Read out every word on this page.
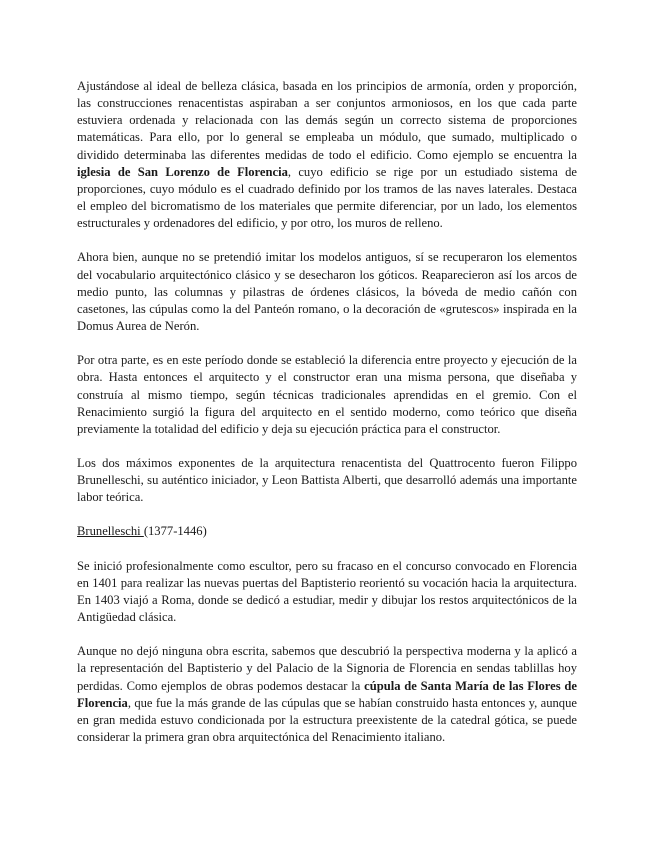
Ajustándose al ideal de belleza clásica, basada en los principios de armonía, orden y proporción, las construcciones renacentistas aspiraban a ser conjuntos armoniosos, en los que cada parte estuviera ordenada y relacionada con las demás según un correcto sistema de proporciones matemáticas. Para ello, por lo general se empleaba un módulo, que sumado, multiplicado o dividido determinaba las diferentes medidas de todo el edificio. Como ejemplo se encuentra la iglesia de San Lorenzo de Florencia, cuyo edificio se rige por un estudiado sistema de proporciones, cuyo módulo es el cuadrado definido por los tramos de las naves laterales. Destaca el empleo del bicromatismo de los materiales que permite diferenciar, por un lado, los elementos estructurales y ordenadores del edificio, y por otro, los muros de relleno.

Ahora bien, aunque no se pretendió imitar los modelos antiguos, sí se recuperaron los elementos del vocabulario arquitectónico clásico y se desecharon los góticos. Reaparecieron así los arcos de medio punto, las columnas y pilastras de órdenes clásicos, la bóveda de medio cañón con casetones, las cúpulas como la del Panteón romano, o la decoración de «grutescos» inspirada en la Domus Aurea de Nerón.

Por otra parte, es en este período donde se estableció la diferencia entre proyecto y ejecución de la obra. Hasta entonces el arquitecto y el constructor eran una misma persona, que diseñaba y construía al mismo tiempo, según técnicas tradicionales aprendidas en el gremio. Con el Renacimiento surgió la figura del arquitecto en el sentido moderno, como teórico que diseña previamente la totalidad del edificio y deja su ejecución práctica para el constructor.

Los dos máximos exponentes de la arquitectura renacentista del Quattrocento fueron Filippo Brunelleschi, su auténtico iniciador, y Leon Battista Alberti, que desarrolló además una importante labor teórica.

Brunelleschi (1377-1446)

Se inició profesionalmente como escultor, pero su fracaso en el concurso convocado en Florencia en 1401 para realizar las nuevas puertas del Baptisterio reorientó su vocación hacia la arquitectura. En 1403 viajó a Roma, donde se dedicó a estudiar, medir y dibujar los restos arquitectónicos de la Antigüedad clásica.

Aunque no dejó ninguna obra escrita, sabemos que descubrió la perspectiva moderna y la aplicó a la representación del Baptisterio y del Palacio de la Signoria de Florencia en sendas tablillas hoy perdidas. Como ejemplos de obras podemos destacar la cúpula de Santa María de las Flores de Florencia, que fue la más grande de las cúpulas que se habían construido hasta entonces y, aunque en gran medida estuvo condicionada por la estructura preexistente de la catedral gótica, se puede considerar la primera gran obra arquitectónica del Renacimiento italiano.
